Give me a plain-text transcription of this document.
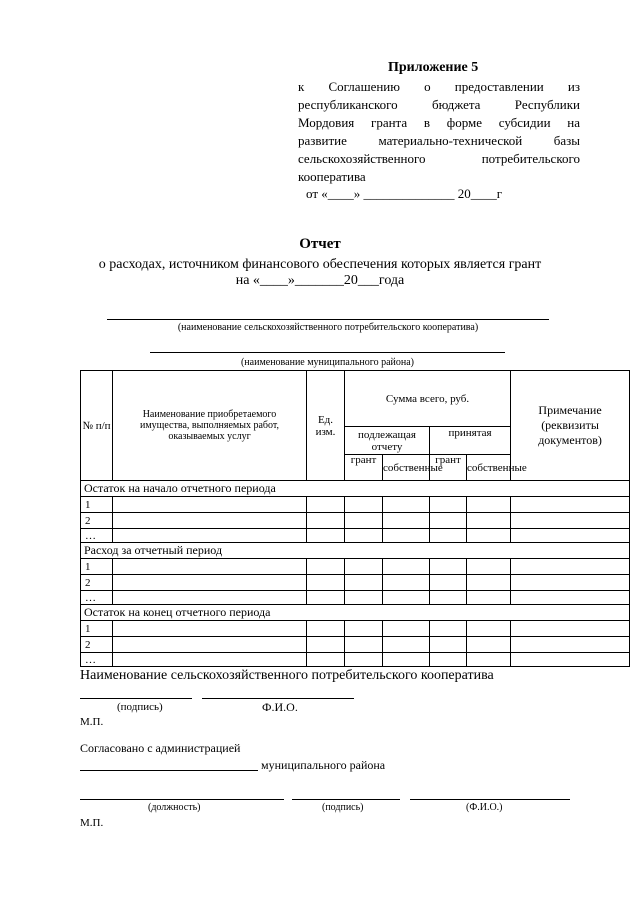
Приложение 5
к Соглашению о предоставлении из
республиканского бюджета Республики
Мордовия гранта в форме субсидии на
развитие материально-технической базы
сельскохозяйственного потребительского
кооператива
от «____» ______________ 20____г
Отчет
о расходах, источником финансового обеспечения которых является грант
на «____»_______20___года
(наименование сельскохозяйственного потребительского кооператива)
(наименование муниципального района)
№ п/п	Наименование приобретаемого имущества, выполняемых работ, оказываемых услуг	Ед. изм.	Сумма всего, руб.				Примечание (реквизиты документов)
			подлежащая отчету		принятая		
			грант	собственные	грант	собственные	
Остаток на начало отчетного периода							
1							
2							
…							
Расход за отчетный период							
1							
2							
…							
Остаток на конец отчетного периода							
1							
2							
…							
Наименование сельскохозяйственного потребительского кооператива
(подпись)	Ф.И.О.
М.П.
Согласовано с администрацией
муниципального района
(должность)	(подпись)	(Ф.И.О.)
М.П.
